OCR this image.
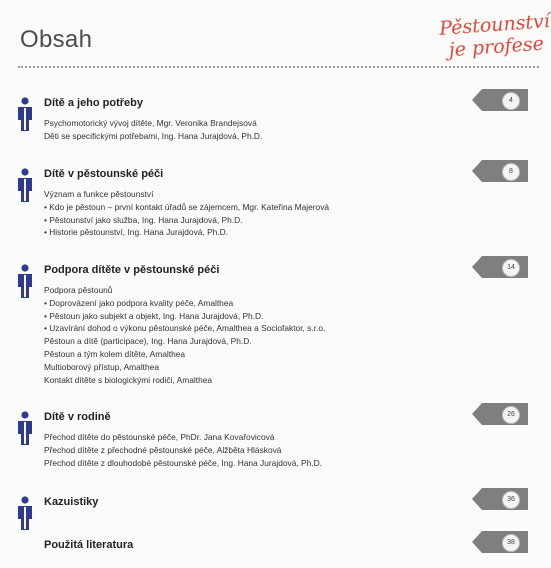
Obsah	Pěstounství
je profese
Dítě a jeho potřeby
Psychomotorický vývoj dítěte, Mgr. Veronika Brandejsová
Děti se specifickými potřebami, Ing. Hana Jurajdová, Ph.D.
4
Dítě v pěstounské péči
Význam a funkce pěstounství
• Kdo je pěstoun – první kontakt úřadů se zájemcem, Mgr. Kateřina Majerová
• Pěstounství jako služba, Ing. Hana Jurajdová, Ph.D.
• Historie pěstounství, Ing. Hana Jurajdová, Ph.D.
8
Podpora dítěte v pěstounské péči
Podpora pěstounů
• Doprovázení jako podpora kvality péče, Amalthea
• Pěstoun jako subjekt a objekt, Ing. Hana Jurajdová, Ph.D.
• Uzavírání dohod o výkonu pěstounské péče, Amalthea a Sociofaktor, s.r.o.
Pěstoun a dítě (participace), Ing. Hana Jurajdová, Ph.D.
Pěstoun a tým kolem dítěte, Amalthea
Multioborový přístup, Amalthea
Kontakt dítěte s biologickými rodiči, Amalthea
14
Dítě v rodině
Přechod dítěte do pěstounské péče, PhDr. Jana Kovařovicová
Přechod dítěte z přechodné pěstounské péče, Alžběta Hlásková
Přechod dítěte z dlouhodobé pěstounské péče, Ing. Hana Jurajdová, Ph.D.
26
Kazuistiky	36
Použitá literatura	38
